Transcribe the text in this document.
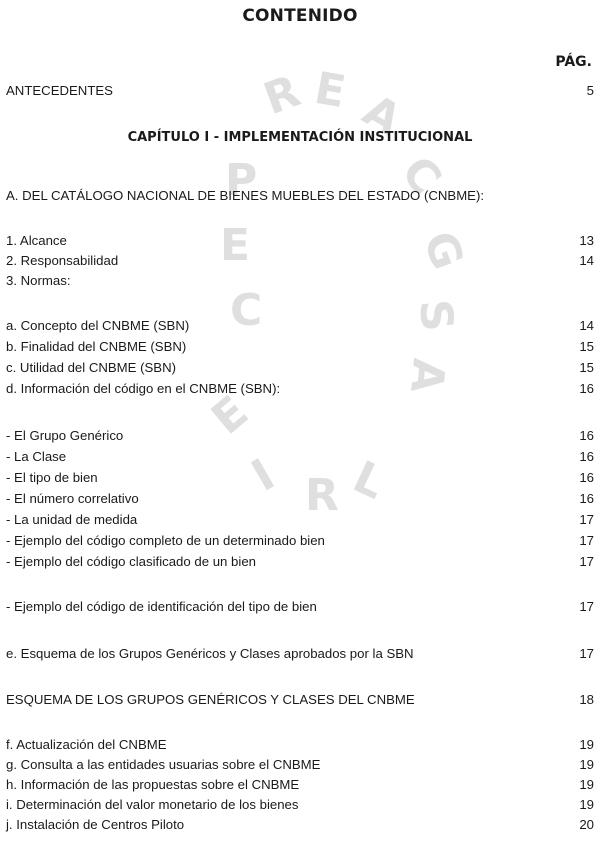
C
E
P
R E A
C
G
S
A
E
I R L
CONTENIDO
PÁG.
CAPÍTULO I - IMPLEMENTACIÓN INSTITUCIONAL
ANTECEDENTES	5
A. DEL CATÁLOGO NACIONAL DE BIENES MUEBLES DEL ESTADO (CNBME):
1. Alcance	13
2. Responsabilidad	14
3. Normas:
a. Concepto del CNBME (SBN)	14
b. Finalidad del CNBME (SBN)	15
c. Utilidad del CNBME (SBN)	15
d. Información del código en el CNBME (SBN):	16
- El Grupo Genérico	16
- La Clase	16
- El tipo de bien	16
- El número correlativo	16
- La unidad de medida	17
- Ejemplo del código completo de un determinado bien	17
- Ejemplo del código clasificado de un bien	17
- Ejemplo del código de identificación del tipo de bien	17
e. Esquema de los Grupos Genéricos y Clases aprobados por la SBN	17
ESQUEMA DE LOS GRUPOS GENÉRICOS Y CLASES DEL CNBME	18
f. Actualización del CNBME	19
g. Consulta a las entidades usuarias sobre el CNBME	19
h. Información de las propuestas sobre el CNBME	19
i. Determinación del valor monetario de los bienes	19
j. Instalación de Centros Piloto	20
